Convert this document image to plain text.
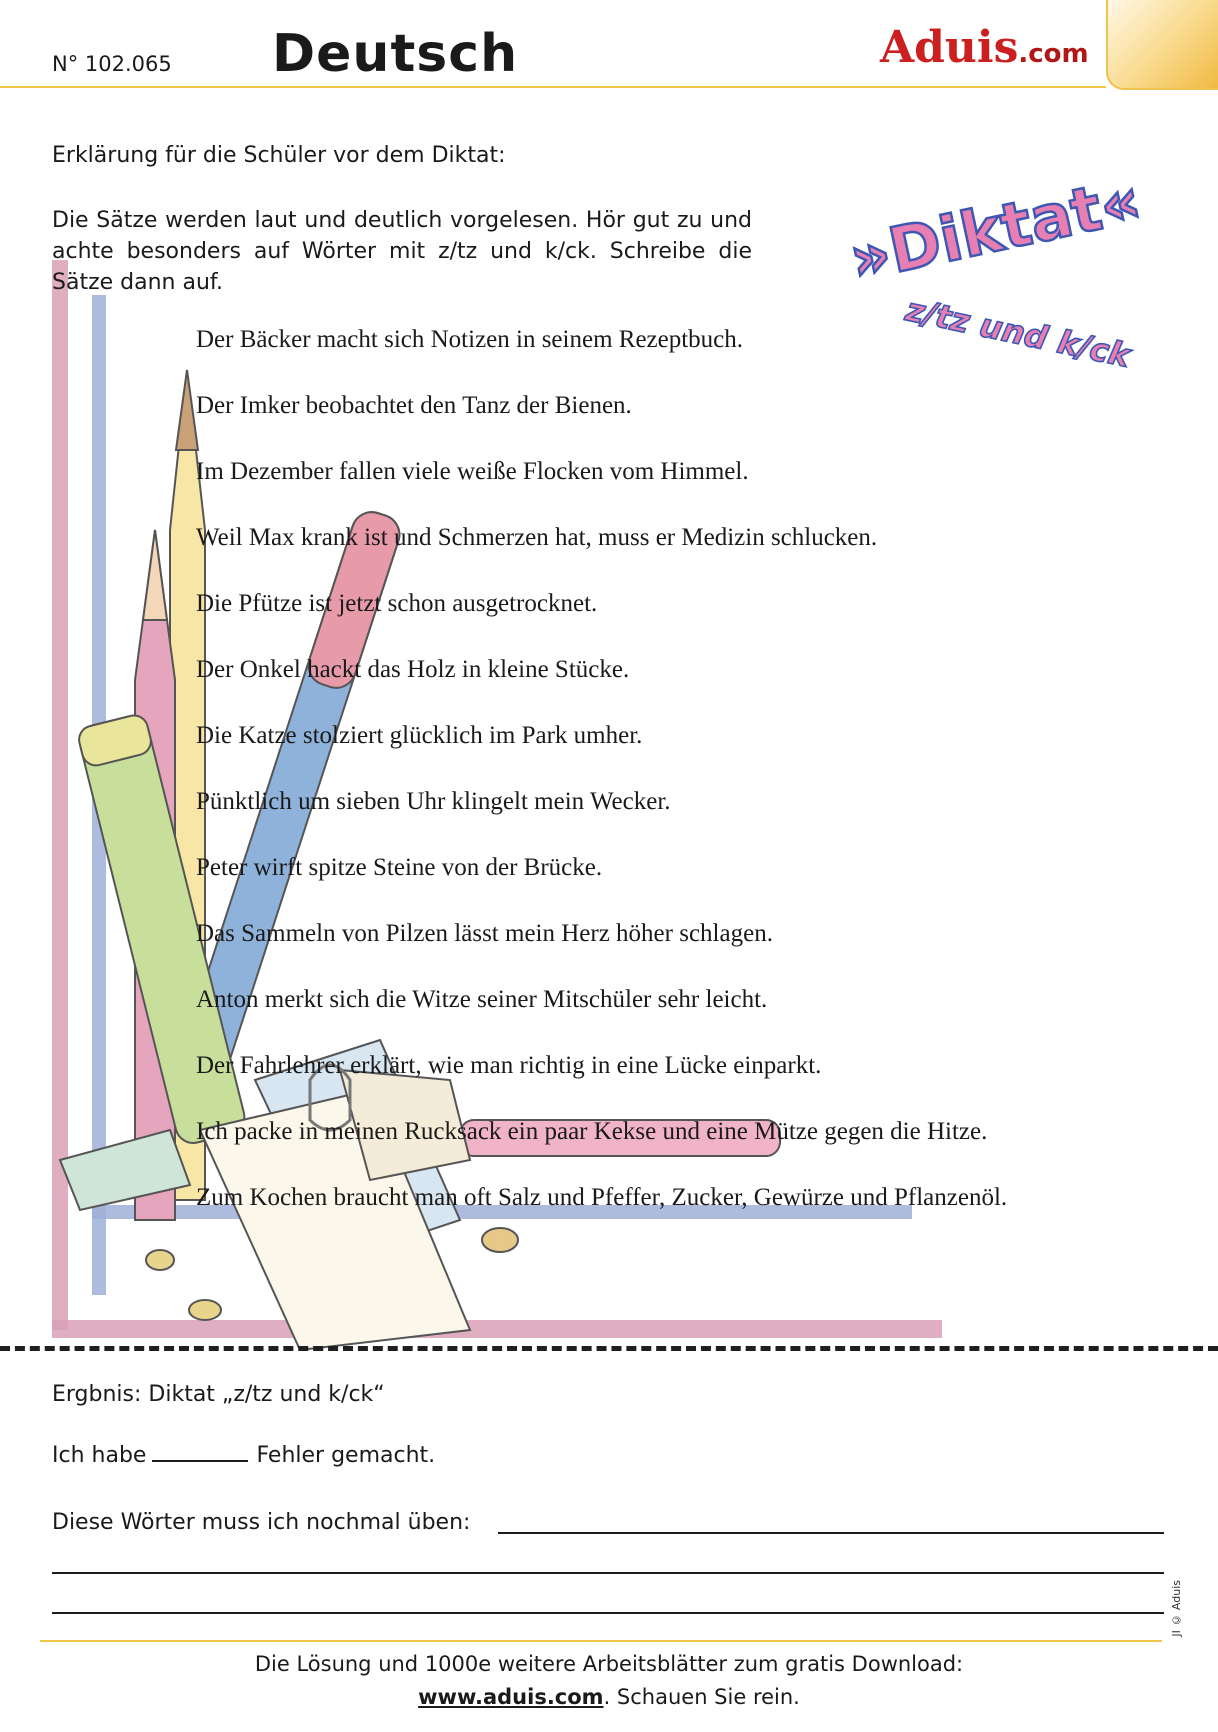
N° 102.065 Deutsch	Aduis.com
Erklärung für die Schüler vor dem Diktat:
Die Sätze werden laut und deutlich vorgelesen. Hör gut zu und achte besonders auf Wörter mit z/tz und k/ck. Schreibe die Sätze dann auf.	»Diktat«
z/tz und k/ck
Der Bäcker macht sich Notizen in seinem Rezeptbuch.
Der Imker beobachtet den Tanz der Bienen.
Im Dezember fallen viele weiße Flocken vom Himmel.
Weil Max krank ist und Schmerzen hat, muss er Medizin schlucken.
Die Pfütze ist jetzt schon ausgetrocknet.
Der Onkel hackt das Holz in kleine Stücke.
Die Katze stolziert glücklich im Park umher.
Pünktlich um sieben Uhr klingelt mein Wecker.
Peter wirft spitze Steine von der Brücke.
Das Sammeln von Pilzen lässt mein Herz höher schlagen.
Anton merkt sich die Witze seiner Mitschüler sehr leicht.
Der Fahrlehrer erklärt, wie man richtig in eine Lücke einparkt.
Ich packe in meinen Rucksack ein paar Kekse und eine Mütze gegen die Hitze.
Zum Kochen braucht man oft Salz und Pfeffer, Zucker, Gewürze und Pflanzenöl.
Ergbnis: Diktat „z/tz und k/ck“
Ich habe	Fehler gemacht.
Diese Wörter muss ich nochmal üben:
JI © Aduis
Die Lösung und 1000e weitere Arbeitsblätter zum gratis Download:
www.aduis.com. Schauen Sie rein.
